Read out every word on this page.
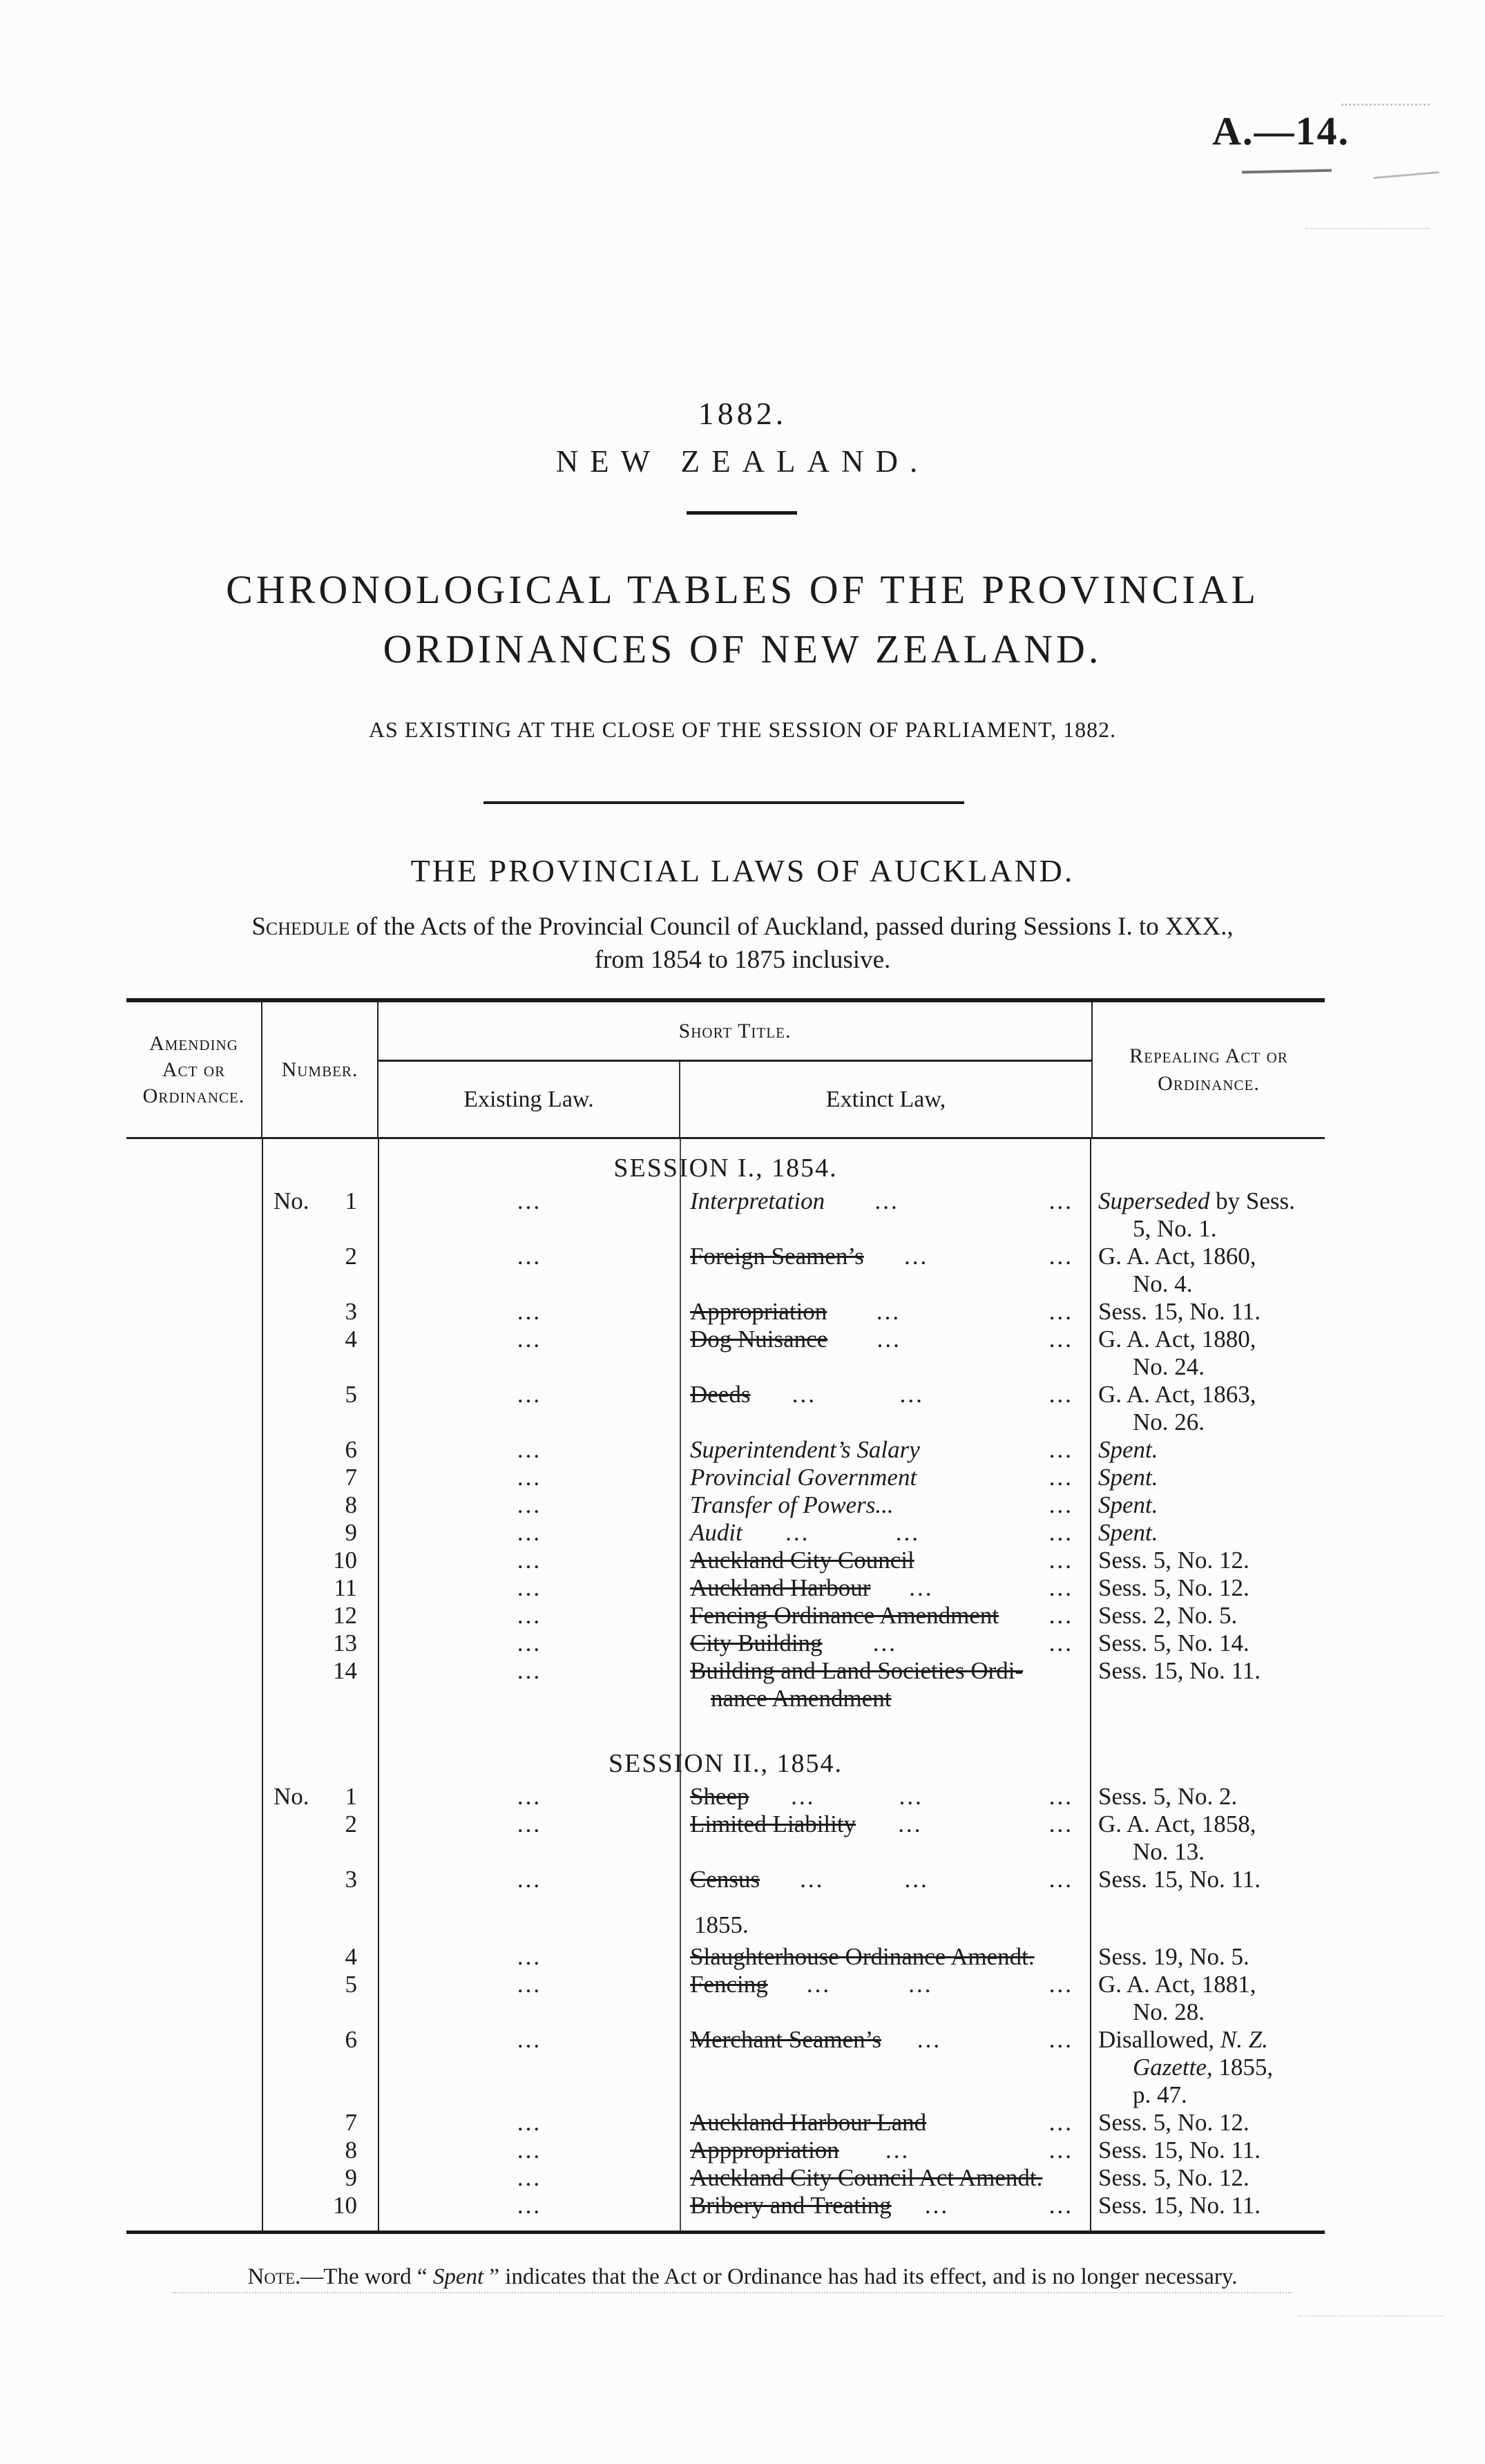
A.—14.
1882.
NEW ZEALAND.
CHRONOLOGICAL TABLES OF THE PROVINCIAL
ORDINANCES OF NEW ZEALAND.
AS EXISTING AT THE CLOSE OF THE SESSION OF PARLIAMENT, 1882.
THE PROVINCIAL LAWS OF AUCKLAND.
Schedule of the Acts of the Provincial Council of Auckland, passed during Sessions I. to XXX.,
from 1854 to 1875 inclusive.
Amending
Act or
Ordinance.
Number.
Short Title.
Existing Law.	Extinct Law,
Repealing Act or
Ordinance.
SESSION I., 1854.
No. 1	...	Interpretation	...	...	Superseded by Sess.
5, No. 1.
2	...	Foreign Seamen’s	...	...	G. A. Act, 1860,
No. 4.
3	...	Appropriation	...	...	Sess. 15, No. 11.
4	...	Dog Nuisance	...	...	G. A. Act, 1880,
No. 24.
5	...	Deeds	...	...	...	G. A. Act, 1863,
No. 26.
6	...	Superintendent’s Salary	...	Spent.
7	...	Provincial Government	...	Spent.
8	...	Transfer of Powers...	...	Spent.
9	...	Audit	...	...	...	Spent.
10	...	Auckland City Council	...	Sess. 5, No. 12.
11	...	Auckland Harbour	...	...	Sess. 5, No. 12.
12	...	Fencing Ordinance Amendment	...	Sess. 2, No. 5.
13	...	City Building	...	...	Sess. 5, No. 14.
14	...	Building and Land Societies Ordi-
nance Amendment
Sess. 15, No. 11.
SESSION II., 1854.
No. 1	...	Sheep	...	...	...	Sess. 5, No. 2.
2	...	Limited Liability	...	...	G. A. Act, 1858,
No. 13.
3	...	Census	...	...	...	Sess. 15, No. 11.
1855.
4	...	Slaughterhouse Ordinance Amendt.	Sess. 19, No. 5.
5	...	Fencing	...	...	...	G. A. Act, 1881,
No. 28.
6	...	Merchant Seamen’s	...	...	Disallowed, N. Z.
Gazette, 1855,
p. 47.
7	...	Auckland Harbour Land	...	Sess. 5, No. 12.
8	...	Apppropriation	...	...	Sess. 15, No. 11.
9	...	Auckland City Council Act Amendt. Sess. 5, No. 12.
10	...	Bribery and Treating	...	...	Sess. 15, No. 11.
Note.—The word “ Spent ” indicates that the Act or Ordinance has had its effect, and is no longer necessary.
